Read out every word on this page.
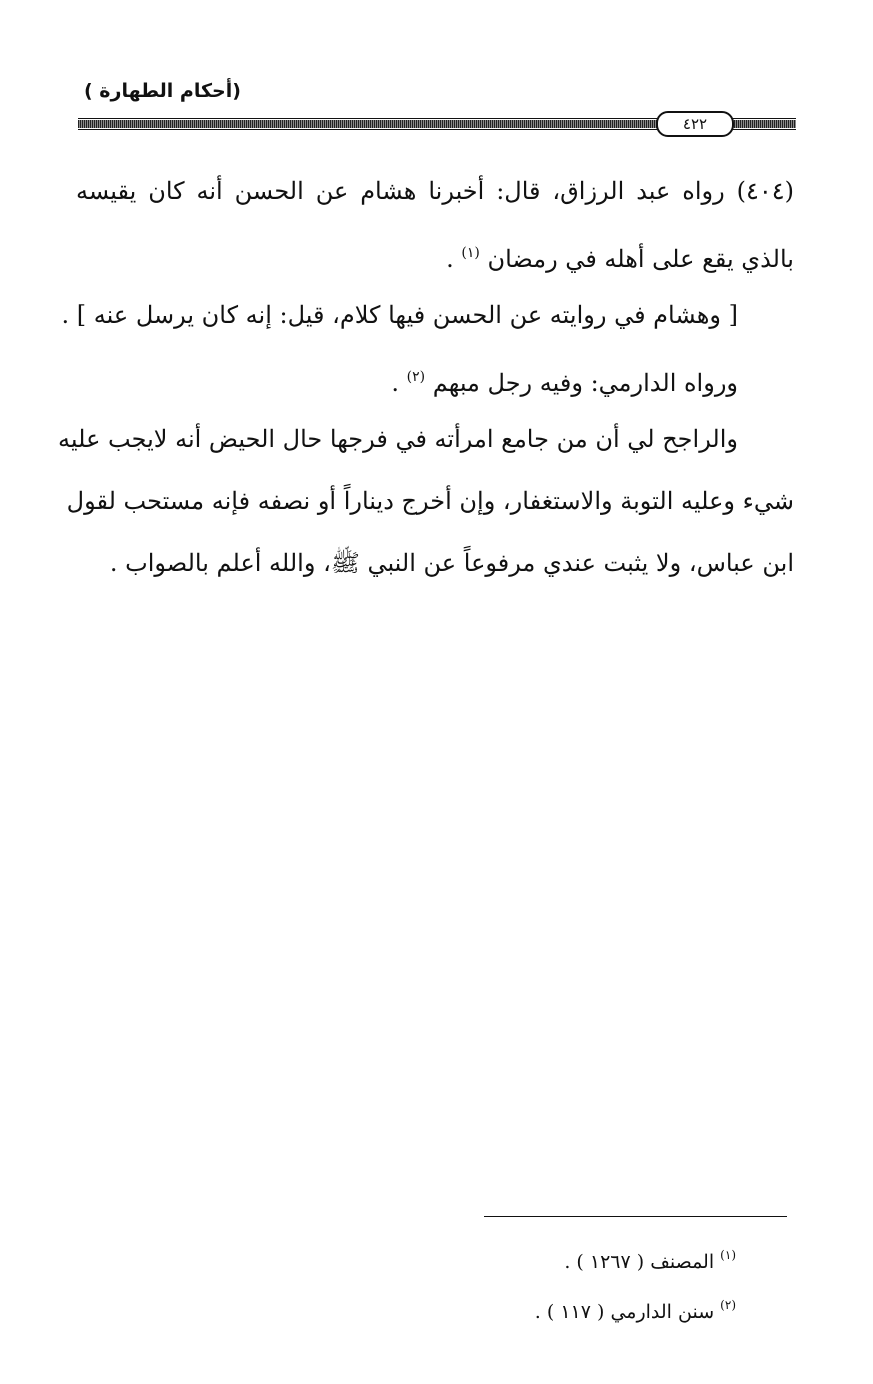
(أحكام الطهارة )
٤٢٢
(٤٠٤) رواه عبد الرزاق، قال: أخبرنا هشام عن الحسن أنه كان يقيسه
بالذي يقع على أهله في رمضان $^{(١)}$ .
[ وهشام في روايته عن الحسن فيها كلام، قيل: إنه كان يرسل عنه ] .
ورواه الدارمي: وفيه رجل مبهم $^{(٢)}$ .
والراجح لي أن من جامع امرأته في فرجها حال الحيض أنه لايجب عليه
شيء وعليه التوبة والاستغفار، وإن أخرج ديناراً أو نصفه فإنه مستحب لقول
ابن عباس، ولا يثبت عندي مرفوعاً عن النبي ﷺ، والله أعلم بالصواب .
$^{(١)}$ المصنف ( ١٢٦٧ ) .
$^{(٢)}$ سنن الدارمي ( ١١٧ ) .
